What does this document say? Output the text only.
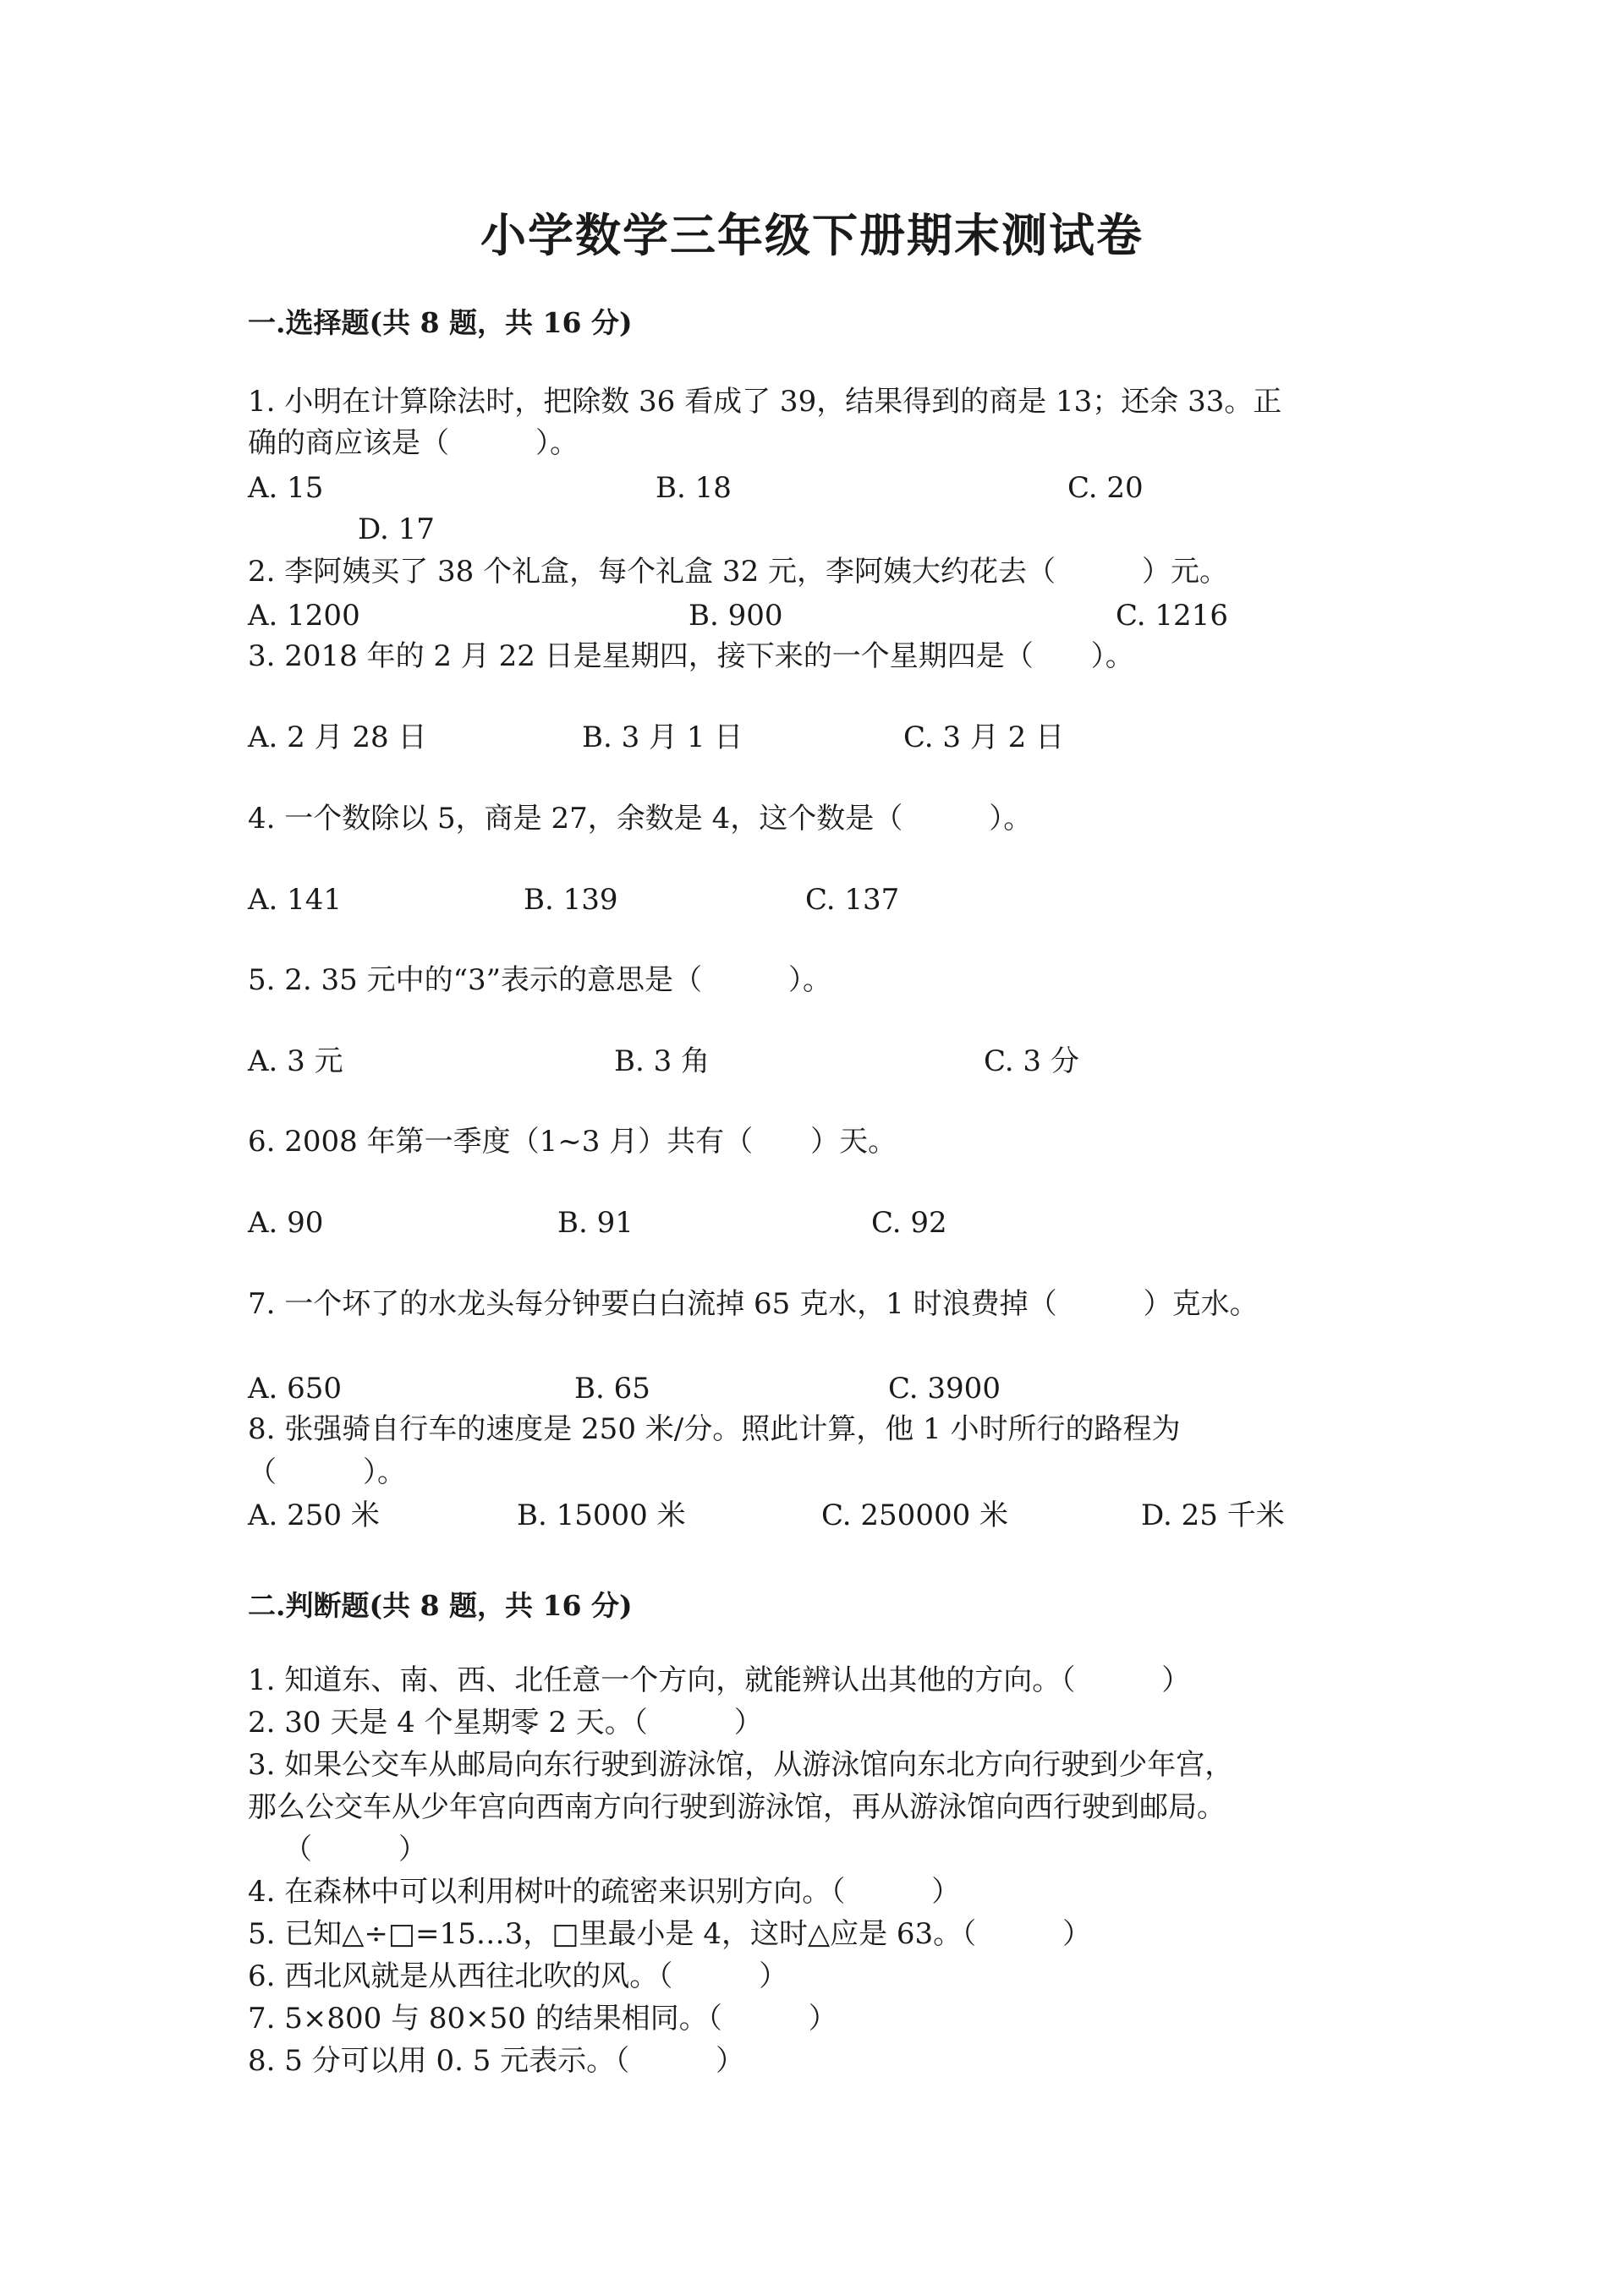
小学数学三年级下册期末测试卷
一.选择题(共 8 题，共 16 分)
1. 小明在计算除法时，把除数 36 看成了 39，结果得到的商是 13；还余 33。正
确的商应该是（　　　）。
A. 15	B. 18	C. 20
D. 17
2. 李阿姨买了 38 个礼盒，每个礼盒 32 元，李阿姨大约花去（　　　）元。
A. 1200	B. 900	C. 1216
3. 2018 年的 2 月 22 日是星期四，接下来的一个星期四是（　　）。
A. 2 月 28 日	B. 3 月 1 日	C. 3 月 2 日
4. 一个数除以 5，商是 27，余数是 4，这个数是（　　　）。
A. 141	B. 139	C. 137
5. 2. 35 元中的“3”表示的意思是（　　　）。
A. 3 元	B. 3 角	C. 3 分
6. 2008 年第一季度（1~3 月）共有（　　）天。
A. 90	B. 91	C. 92
7. 一个坏了的水龙头每分钟要白白流掉 65 克水，1 时浪费掉（　　　）克水。
A. 650	B. 65	C. 3900
8. 张强骑自行车的速度是 250 米/分。照此计算，他 1 小时所行的路程为
（　　　）。
A. 250 米	B. 15000 米	C. 250000 米	D. 25 千米
二.判断题(共 8 题，共 16 分)
1. 知道东、南、西、北任意一个方向，就能辨认出其他的方向。（　　　）
2. 30 天是 4 个星期零 2 天。（　　　）
3. 如果公交车从邮局向东行驶到游泳馆，从游泳馆向东北方向行驶到少年宫，
那么公交车从少年宫向西南方向行驶到游泳馆，再从游泳馆向西行驶到邮局。
（　　　）
4. 在森林中可以利用树叶的疏密来识别方向。（　　　）
5. 已知△÷□=15…3，□里最小是 4，这时△应是 63。（　　　）
6. 西北风就是从西往北吹的风。（　　　）
7. 5×800 与 80×50 的结果相同。（　　　）
8. 5 分可以用 0. 5 元表示。（　　　）
